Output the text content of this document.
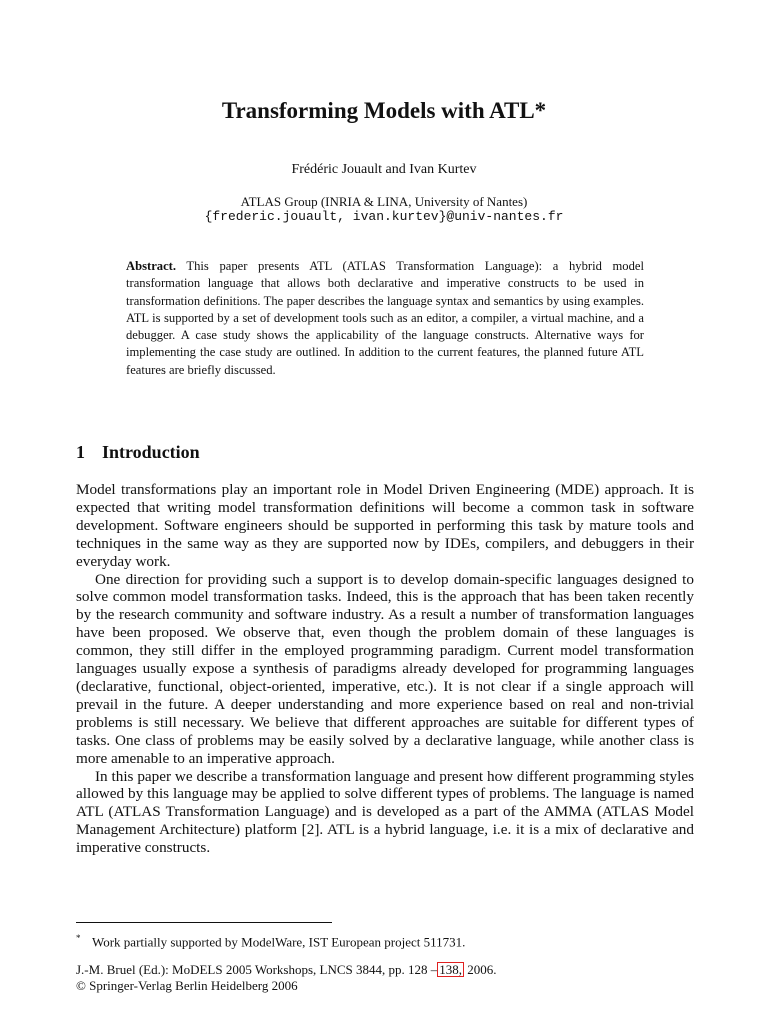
Transforming Models with ATL*
Frédéric Jouault and Ivan Kurtev
ATLAS Group (INRIA & LINA, University of Nantes)
{frederic.jouault, ivan.kurtev}@univ-nantes.fr
Abstract. This paper presents ATL (ATLAS Transformation Language): a hybrid model transformation language that allows both declarative and imperative constructs to be used in transformation definitions. The paper describes the language syntax and semantics by using examples. ATL is supported by a set of development tools such as an editor, a compiler, a virtual machine, and a debugger. A case study shows the applicability of the language constructs. Alternative ways for implementing the case study are outlined. In addition to the current features, the planned future ATL features are briefly discussed.
1 Introduction

Model transformations play an important role in Model Driven Engineering (MDE) approach. It is expected that writing model transformation definitions will become a common task in software development. Software engineers should be supported in performing this task by mature tools and techniques in the same way as they are supported now by IDEs, compilers, and debuggers in their everyday work.

One direction for providing such a support is to develop domain-specific languages designed to solve common model transformation tasks. Indeed, this is the approach that has been taken recently by the research community and software industry. As a result a number of transformation languages have been proposed. We observe that, even though the problem domain of these languages is common, they still differ in the employed programming paradigm. Current model transformation languages usually expose a synthesis of paradigms already developed for programming languages (declarative, functional, object-oriented, imperative, etc.). It is not clear if a single approach will prevail in the future. A deeper understanding and more experience based on real and non-trivial problems is still necessary. We believe that different approaches are suitable for different types of tasks. One class of problems may be easily solved by a declarative language, while another class is more amenable to an imperative approach.

In this paper we describe a transformation language and present how different programming styles allowed by this language may be applied to solve different types of problems. The language is named ATL (ATLAS Transformation Language) and is developed as a part of the AMMA (ATLAS Model Management Architecture) platform [2]. ATL is a hybrid language, i.e. it is a mix of declarative and imperative constructs.

* Work partially supported by ModelWare, IST European project 511731.
J.-M. Bruel (Ed.): MoDELS 2005 Workshops, LNCS 3844, pp. 128 – 138, 2006.
© Springer-Verlag Berlin Heidelberg 2006
